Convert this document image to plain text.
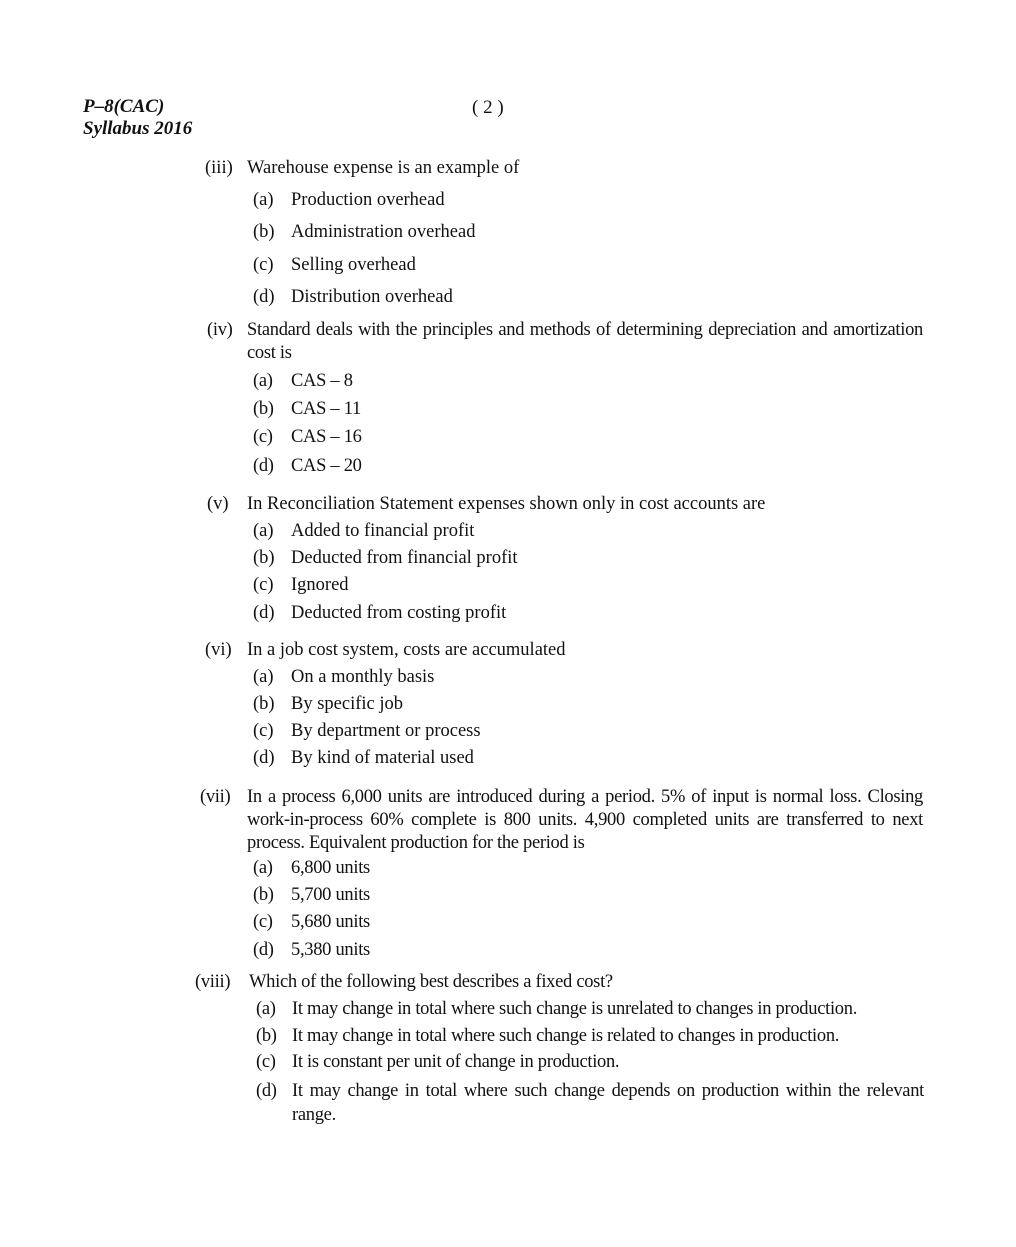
P–8(CAC)
Syllabus 2016
( 2 )
(iii) Warehouse expense is an example of
(a) Production overhead
(b) Administration overhead
(c) Selling overhead
(d) Distribution overhead
(iv) Standard deals with the principles and methods of determining depreciation and amortization cost is
(a) CAS – 8
(b) CAS – 11
(c) CAS – 16
(d) CAS – 20
(v) In Reconciliation Statement expenses shown only in cost accounts are
(a) Added to financial profit
(b) Deducted from financial profit
(c) Ignored
(d) Deducted from costing profit
(vi) In a job cost system, costs are accumulated
(a) On a monthly basis
(b) By specific job
(c) By department or process
(d) By kind of material used
(vii) In a process 6,000 units are introduced during a period. 5% of input is normal loss. Closing work-in-process 60% complete is 800 units. 4,900 completed units are transferred to next process. Equivalent production for the period is
(a) 6,800 units
(b) 5,700 units
(c) 5,680 units
(d) 5,380 units
(viii) Which of the following best describes a fixed cost?
(a) It may change in total where such change is unrelated to changes in production.
(b) It may change in total where such change is related to changes in production.
(c) It is constant per unit of change in production.
(d) It may change in total where such change depends on production within the relevant range.
